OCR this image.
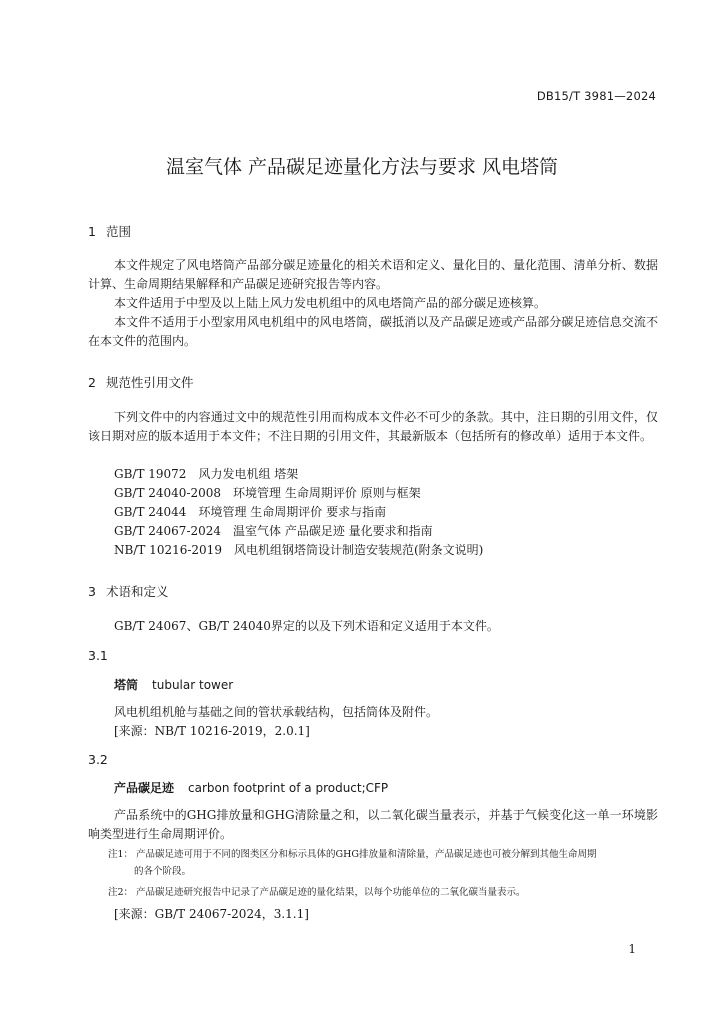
DB15/T 3981—2024
温室气体 产品碳足迹量化方法与要求 风电塔筒
1 范围
本文件规定了风电塔筒产品部分碳足迹量化的相关术语和定义、量化目的、量化范围、清单分析、数据计算、生命周期结果解释和产品碳足迹研究报告等内容。
本文件适用于中型及以上陆上风力发电机组中的风电塔筒产品的部分碳足迹核算。
本文件不适用于小型家用风电机组中的风电塔筒，碳抵消以及产品碳足迹或产品部分碳足迹信息交流不在本文件的范围内。
2 规范性引用文件
下列文件中的内容通过文中的规范性引用而构成本文件必不可少的条款。其中，注日期的引用文件，仅该日期对应的版本适用于本文件；不注日期的引用文件，其最新版本（包括所有的修改单）适用于本文件。
GB/T 19072 风力发电机组 塔架
GB/T 24040-2008 环境管理 生命周期评价 原则与框架
GB/T 24044 环境管理 生命周期评价 要求与指南
GB/T 24067-2024 温室气体 产品碳足迹 量化要求和指南
NB/T 10216-2019 风电机组钢塔筒设计制造安装规范(附条文说明)
3 术语和定义
GB/T 24067、GB/T 24040界定的以及下列术语和定义适用于本文件。
3.1
塔筒 tubular tower
风电机组机舱与基础之间的管状承载结构，包括筒体及附件。
[来源：NB/T 10216-2019，2.0.1]
3.2
产品碳足迹 carbon footprint of a product;CFP
产品系统中的GHG排放量和GHG清除量之和，以二氧化碳当量表示，并基于气候变化这一单一环境影响类型进行生命周期评价。
注1： 产品碳足迹可用于不同的图类区分和标示具体的GHG排放量和清除量，产品碳足迹也可被分解到其他生命周期
的各个阶段。
注2： 产品碳足迹研究报告中记录了产品碳足迹的量化结果，以每个功能单位的二氧化碳当量表示。
[来源：GB/T 24067-2024，3.1.1]
1
